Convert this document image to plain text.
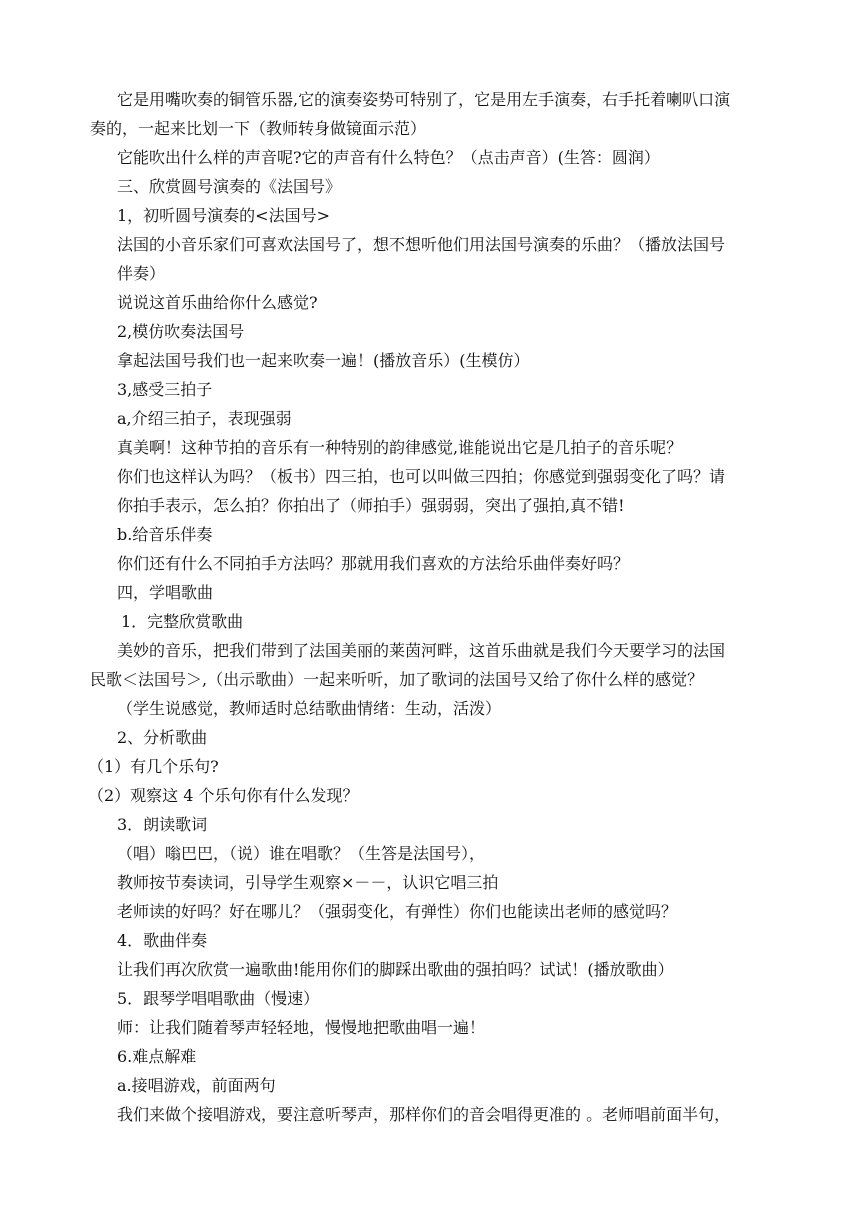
它是用嘴吹奏的铜管乐器,它的演奏姿势可特别了，它是用左手演奏，右手托着喇叭口演

奏的，一起来比划一下（教师转身做镜面示范）

它能吹出什么样的声音呢?它的声音有什么特色？（点击声音）(生答：圆润）

三、欣赏圆号演奏的《法国号》

1，初听圆号演奏的<法国号>

法国的小音乐家们可喜欢法国号了，想不想听他们用法国号演奏的乐曲？（播放法国号

伴奏）

说说这首乐曲给你什么感觉?

2,模仿吹奏法国号

拿起法国号我们也一起来吹奏一遍！(播放音乐）(生模仿）

3,感受三拍子

a,介绍三拍子，表现强弱

真美啊！这种节拍的音乐有一种特别的韵律感觉,谁能说出它是几拍子的音乐呢？

你们也这样认为吗？（板书）四三拍，也可以叫做三四拍；你感觉到强弱变化了吗？请

你拍手表示，怎么拍？你拍出了（师拍手）强弱弱，突出了强拍,真不错!

b.给音乐伴奏

你们还有什么不同拍手方法吗？那就用我们喜欢的方法给乐曲伴奏好吗？

四，学唱歌曲

1．完整欣赏歌曲

美妙的音乐，把我们带到了法国美丽的莱茵河畔，这首乐曲就是我们今天要学习的法国

民歌＜法国号＞,（出示歌曲）一起来听听，加了歌词的法国号又给了你什么样的感觉？

（学生说感觉，教师适时总结歌曲情绪：生动，活泼）

2、分析歌曲

（1）有几个乐句?

（2）观察这 4 个乐句你有什么发现？

3．朗读歌词

（唱）嗡巴巴，（说）谁在唱歌？（生答是法国号），

教师按节奏读词，引导学生观察×－－，认识它唱三拍

老师读的好吗？好在哪儿？（强弱变化，有弹性）你们也能读出老师的感觉吗？

4．歌曲伴奏

让我们再次欣赏一遍歌曲!能用你们的脚踩出歌曲的强拍吗？试试！(播放歌曲）

5．跟琴学唱唱歌曲（慢速）

师：让我们随着琴声轻轻地，慢慢地把歌曲唱一遍！

6.难点解难

a.接唱游戏，前面两句

我们来做个接唱游戏，要注意听琴声，那样你们的音会唱得更准的 。老师唱前面半句，
